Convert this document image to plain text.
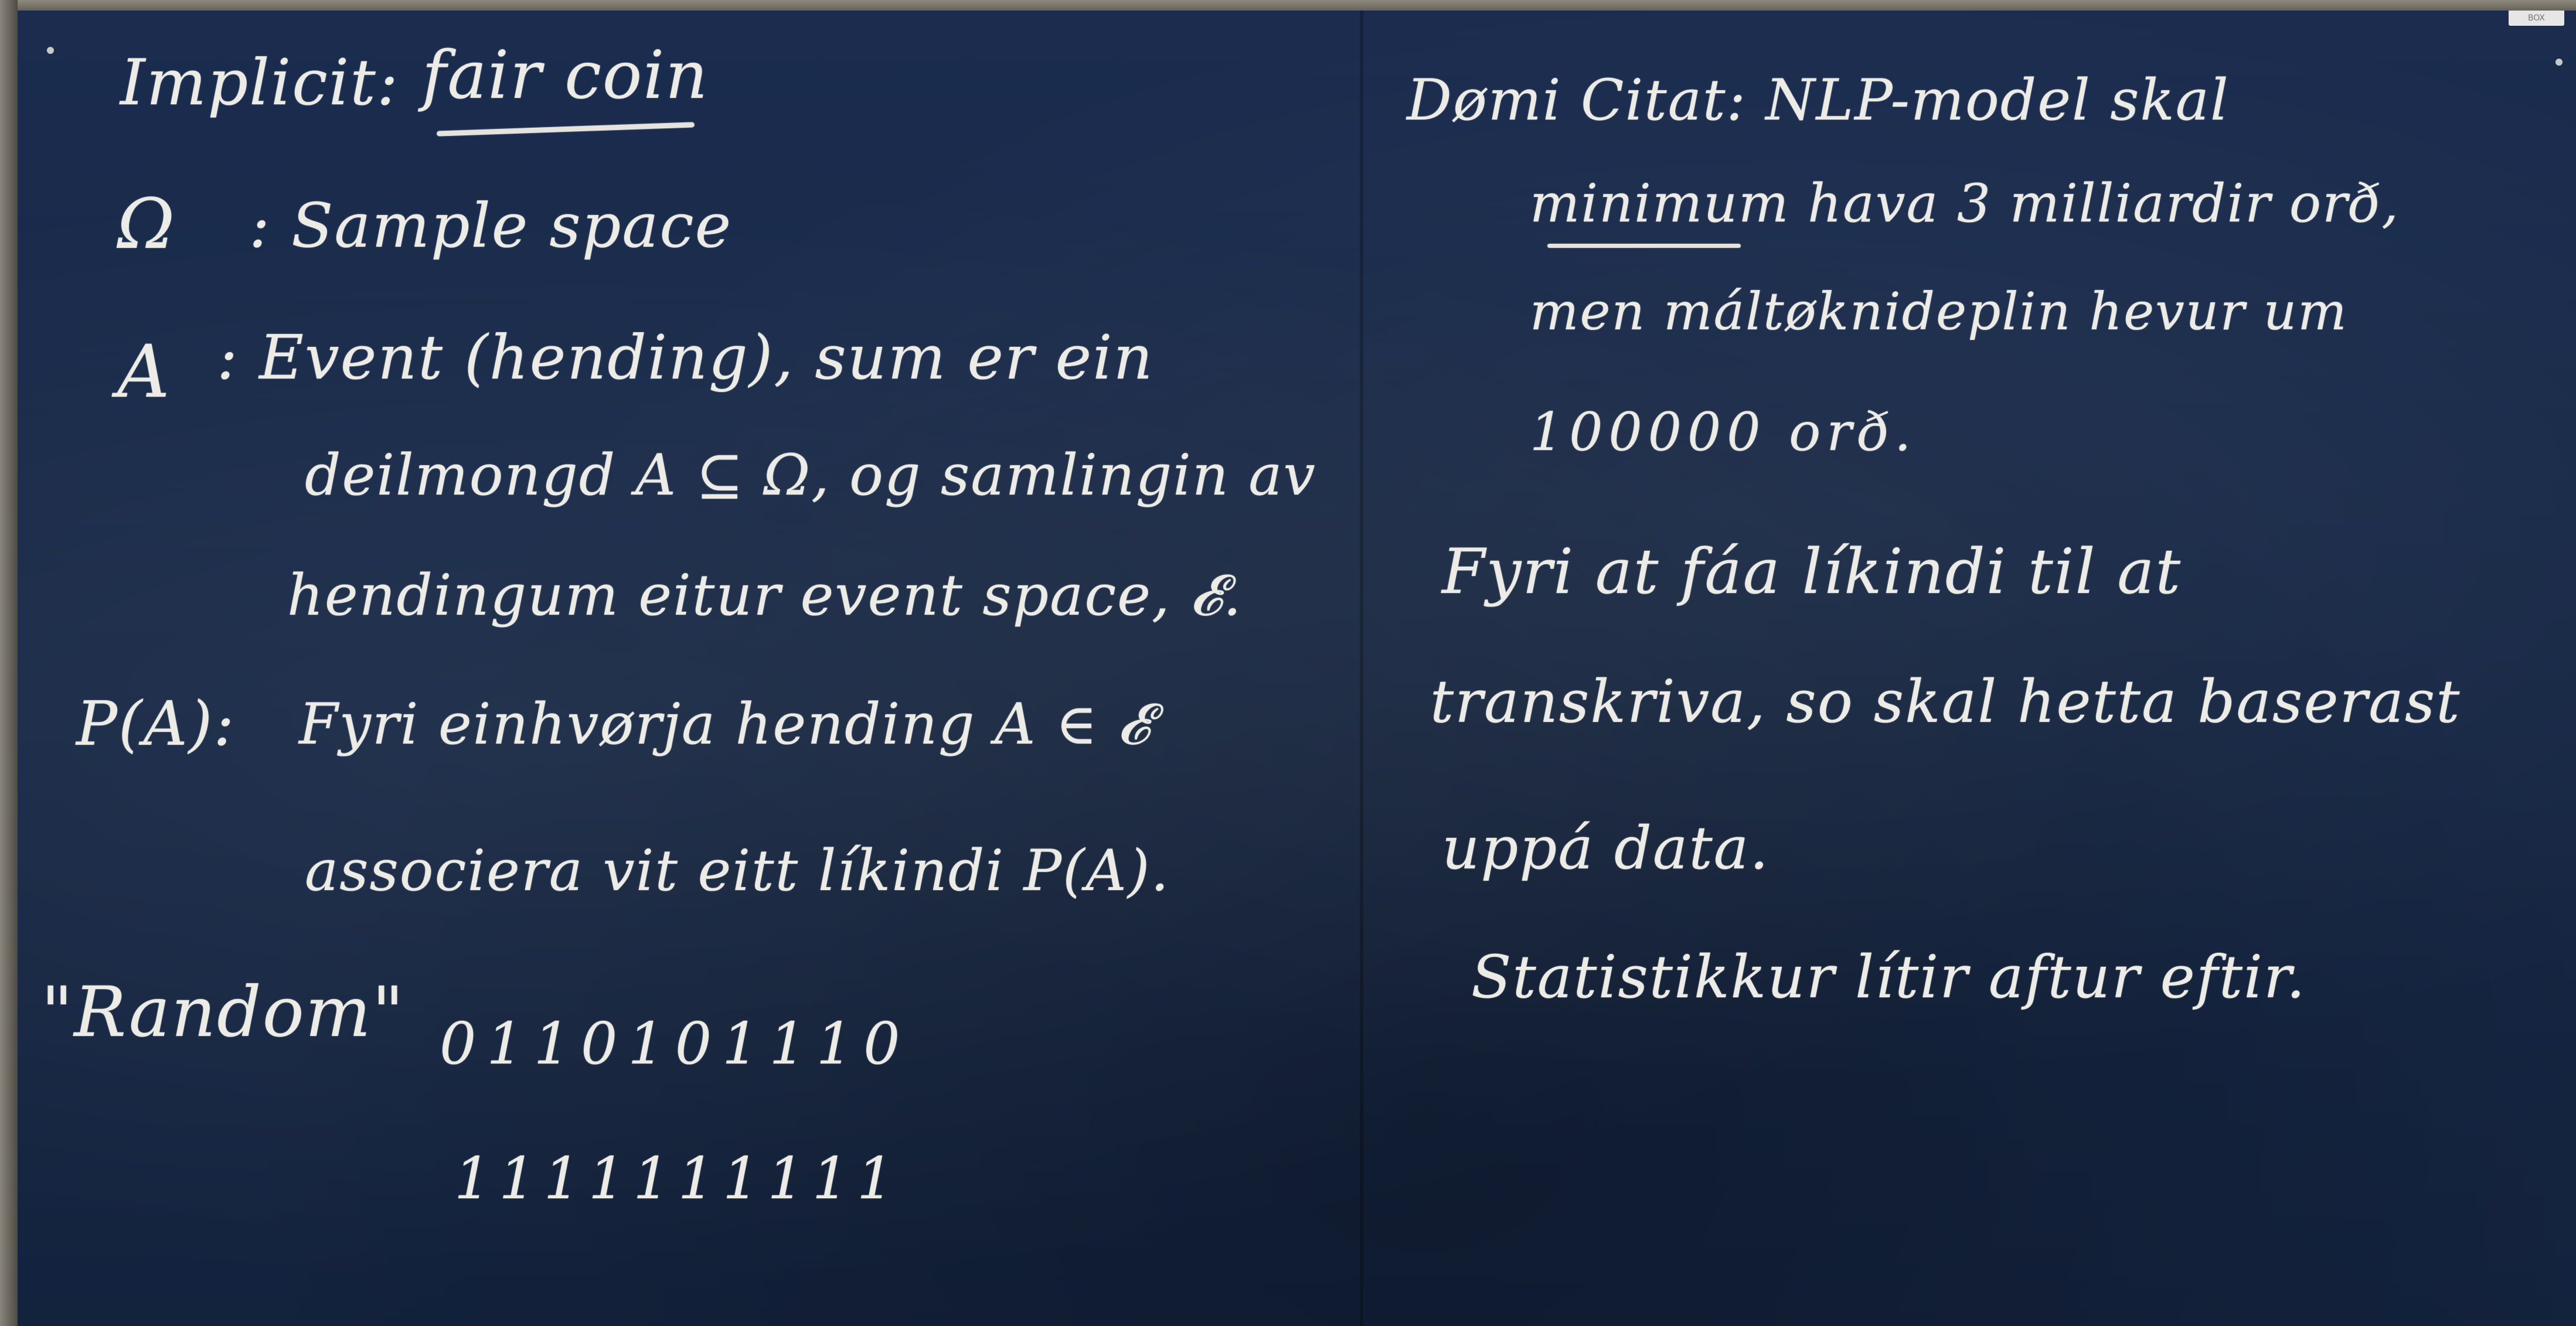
BOX
Implicit: fair coin
Ω : Sample space
A : Event (hending), sum er ein
deilmongd A ⊆ Ω, og samlingin av
hendingum eitur event space, 𝓔.
P(A): Fyri einhvørja hending A ∈ 𝓔
associera vit eitt líkindi P(A).
"Random" 0110101110
1111111111
Dømi Citat: NLP-model skal
minimum hava 3 milliardir orð,
men máltøknideplin hevur um
100000 orð.
Fyri at fáa líkindi til at
transkriva, so skal hetta baserast
uppá data.
Statistikkur lítir aftur eftir.
